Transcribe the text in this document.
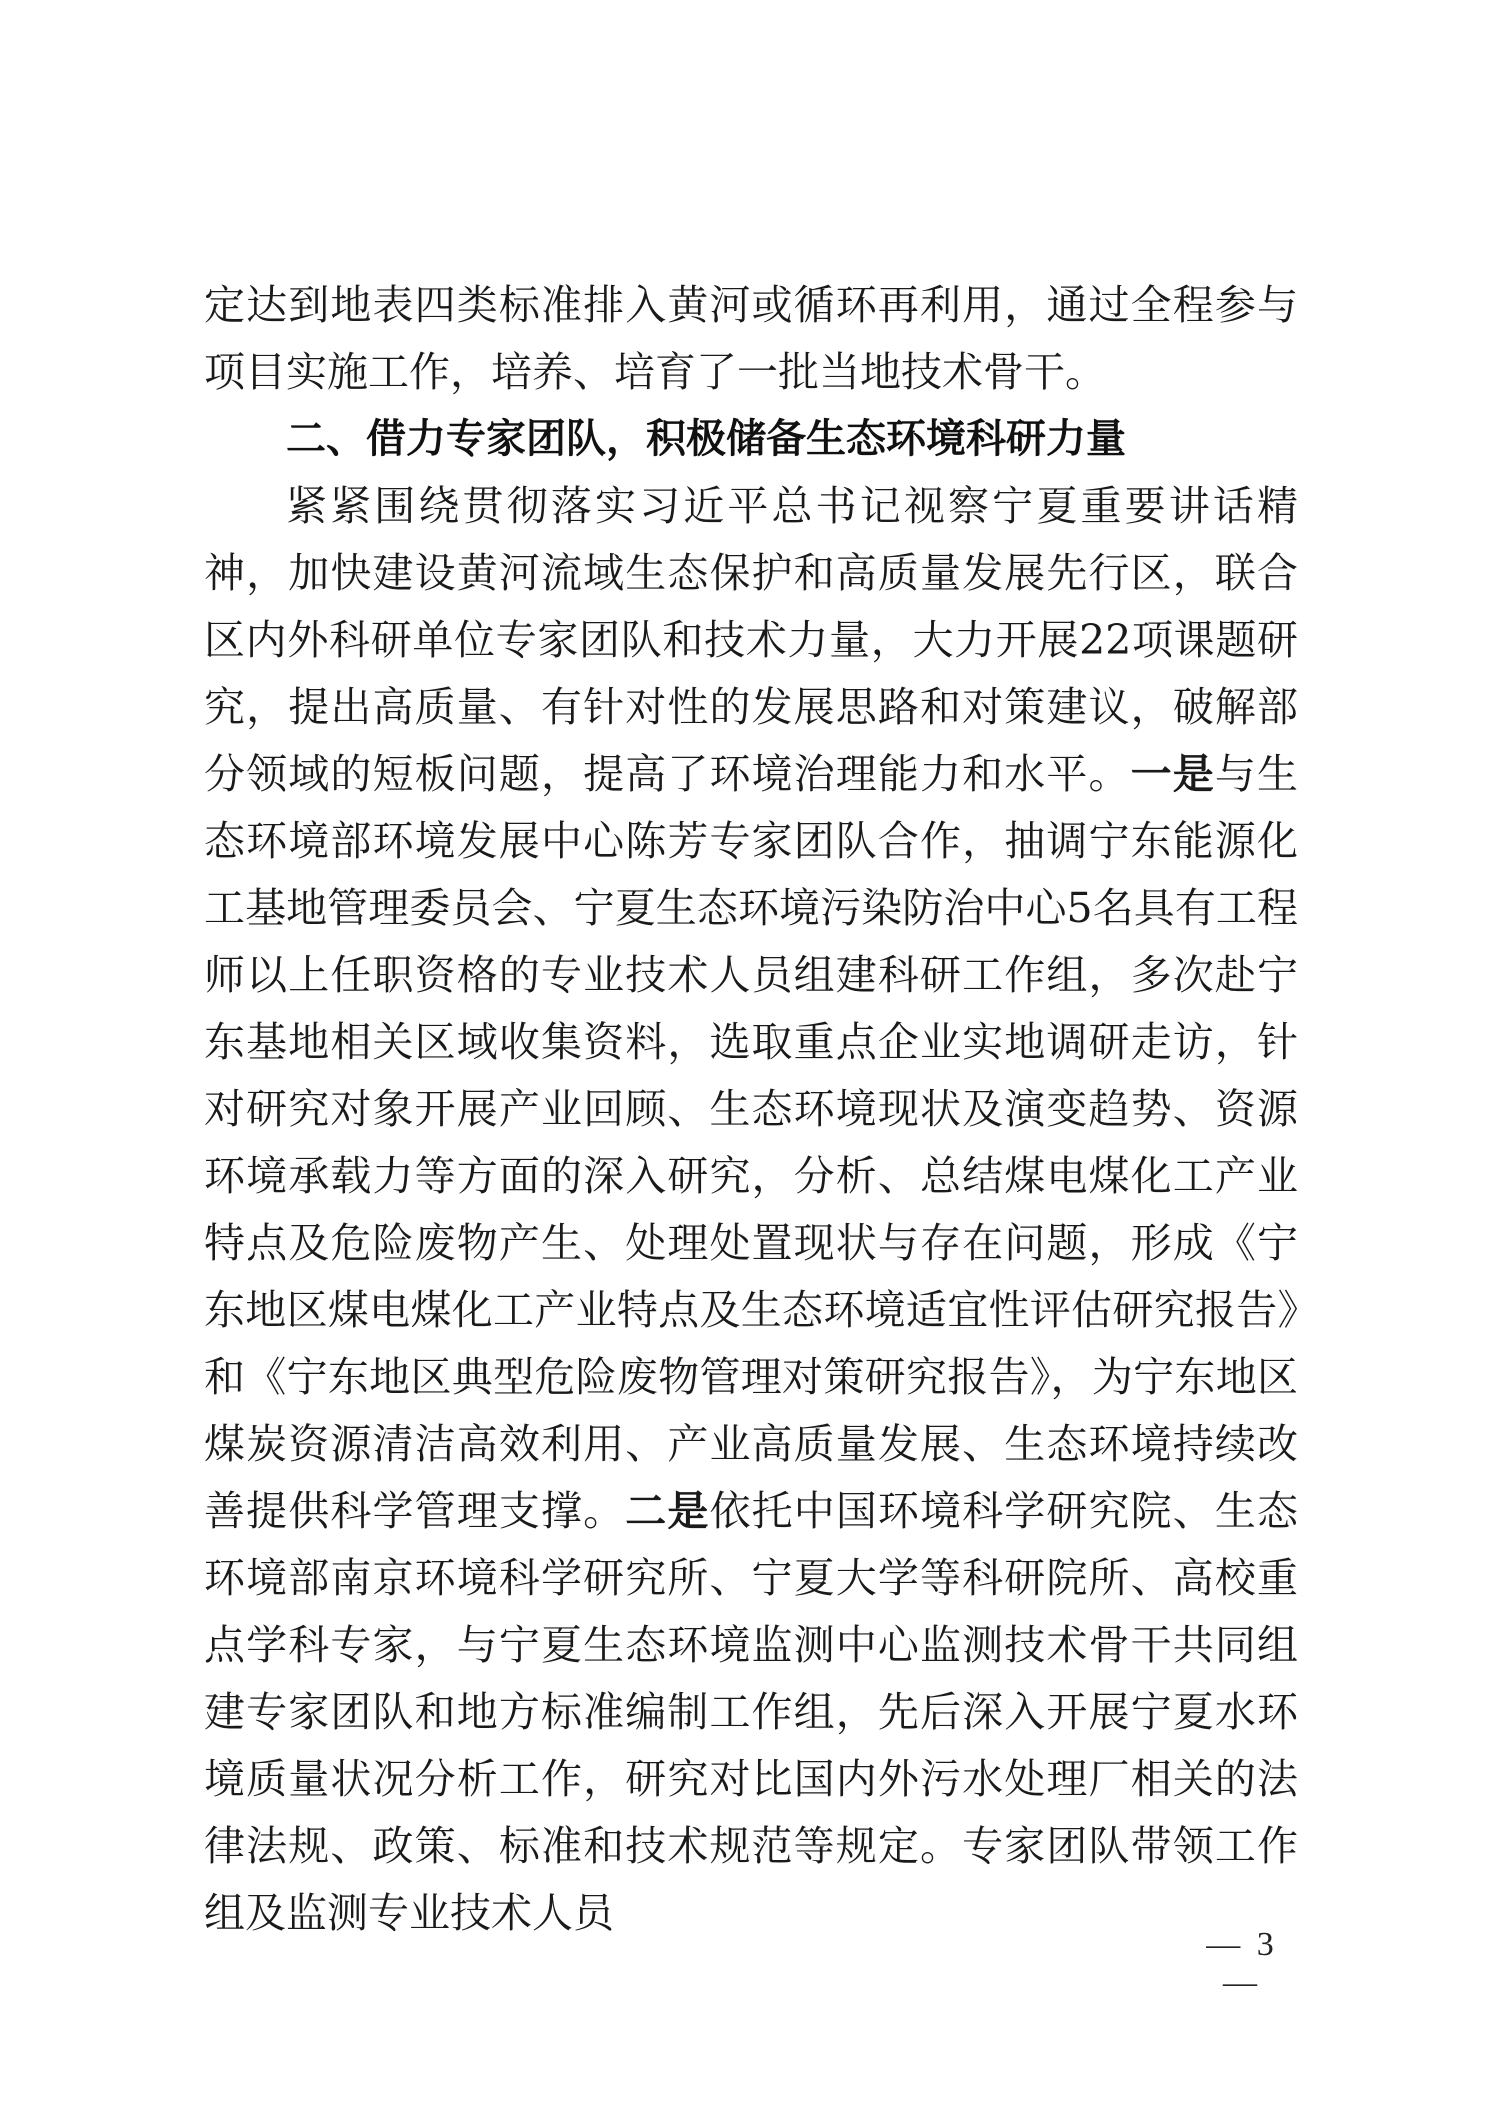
定达到地表四类标准排入黄河或循环再利用，通过全程参与项目实施工作，培养、培育了一批当地技术骨干。

二、借力专家团队，积极储备生态环境科研力量

紧紧围绕贯彻落实习近平总书记视察宁夏重要讲话精神，加快建设黄河流域生态保护和高质量发展先行区，联合区内外科研单位专家团队和技术力量，大力开展22项课题研究，提出高质量、有针对性的发展思路和对策建议，破解部分领域的短板问题，提高了环境治理能力和水平。一是与生态环境部环境发展中心陈芳专家团队合作，抽调宁东能源化工基地管理委员会、宁夏生态环境污染防治中心5名具有工程师以上任职资格的专业技术人员组建科研工作组，多次赴宁东基地相关区域收集资料，选取重点企业实地调研走访，针对研究对象开展产业回顾、生态环境现状及演变趋势、资源环境承载力等方面的深入研究，分析、总结煤电煤化工产业特点及危险废物产生、处理处置现状与存在问题，形成《宁东地区煤电煤化工产业特点及生态环境适宜性评估研究报告》和《宁东地区典型危险废物管理对策研究报告》，为宁东地区煤炭资源清洁高效利用、产业高质量发展、生态环境持续改善提供科学管理支撑。二是依托中国环境科学研究院、生态环境部南京环境科学研究所、宁夏大学等科研院所、高校重点学科专家，与宁夏生态环境监测中心监测技术骨干共同组建专家团队和地方标准编制工作组，先后深入开展宁夏水环境质量状况分析工作，研究对比国内外污水处理厂相关的法律法规、政策、标准和技术规范等规定。专家团队带领工作组及监测专业技术人员

— 3 —
